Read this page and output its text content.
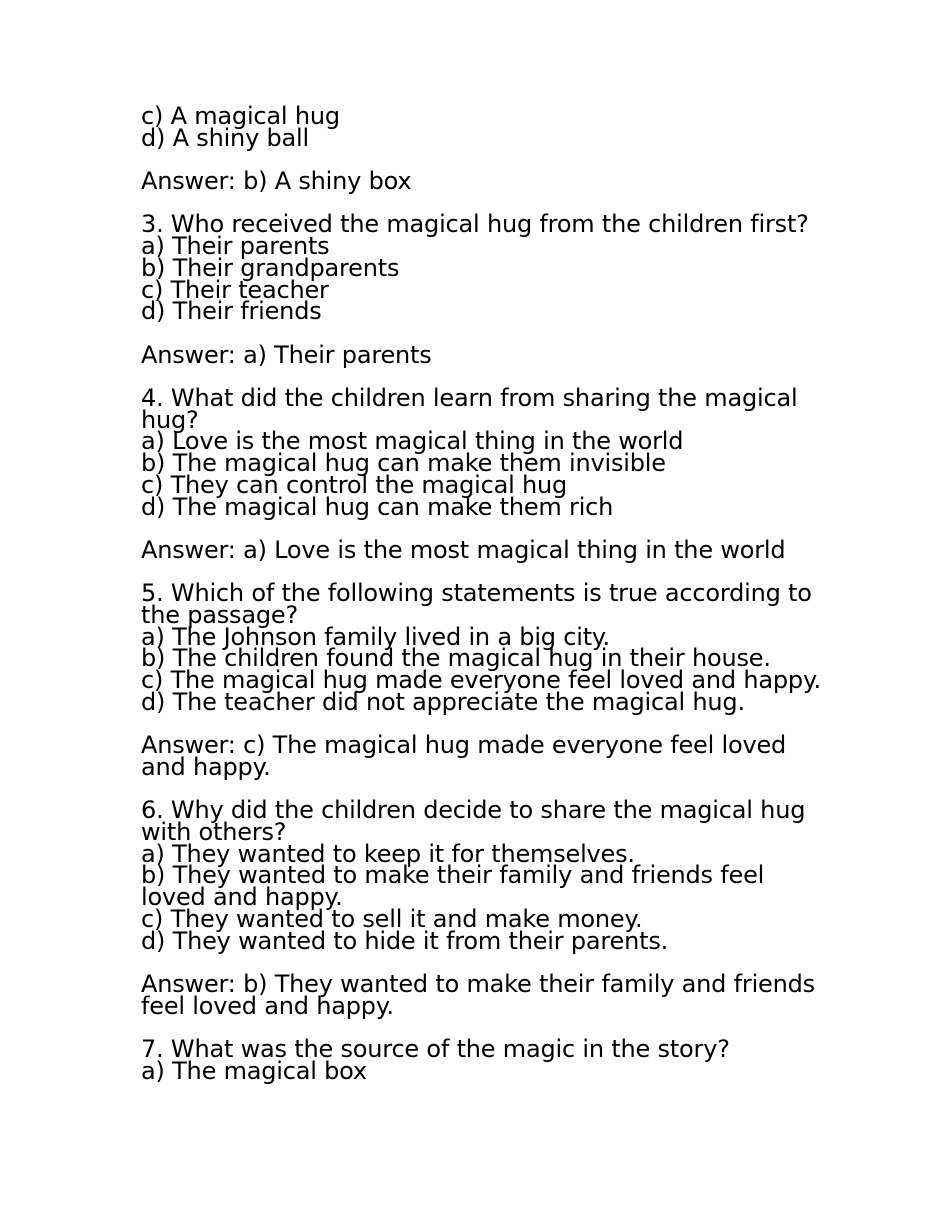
c) A magical hug
d) A shiny ball
Answer: b) A shiny box
3. Who received the magical hug from the children first?
a) Their parents
b) Their grandparents
c) Their teacher
d) Their friends
Answer: a) Their parents
4. What did the children learn from sharing the magical hug?
a) Love is the most magical thing in the world
b) The magical hug can make them invisible
c) They can control the magical hug
d) The magical hug can make them rich
Answer: a) Love is the most magical thing in the world
5. Which of the following statements is true according to the passage?
a) The Johnson family lived in a big city.
b) The children found the magical hug in their house.
c) The magical hug made everyone feel loved and happy.
d) The teacher did not appreciate the magical hug.
Answer: c) The magical hug made everyone feel loved and happy.
6. Why did the children decide to share the magical hug with others?
a) They wanted to keep it for themselves.
b) They wanted to make their family and friends feel loved and happy.
c) They wanted to sell it and make money.
d) They wanted to hide it from their parents.
Answer: b) They wanted to make their family and friends feel loved and happy.
7. What was the source of the magic in the story?
a) The magical box
